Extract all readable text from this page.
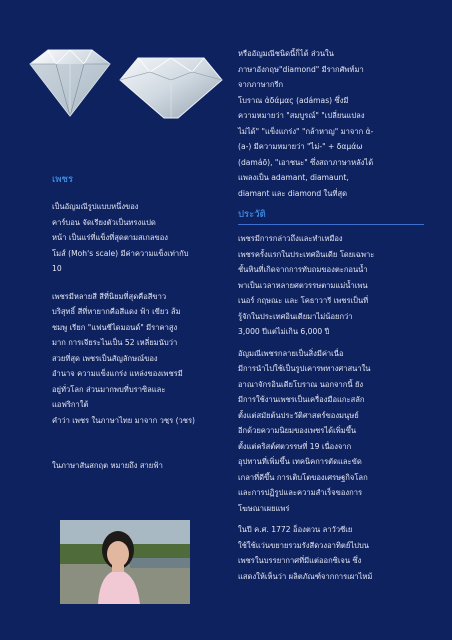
เพชร

เป็นอัญมณีรูปแบบหนึ่งของ
คาร์บอน จัดเรียงตัวเป็นทรงแปด
หน้า เป็นแร่ที่แข็งที่สุดตามสเกลของ
โมส์ (Moh's scale) มีค่าความแข็งเท่ากับ
10

เพชรมีหลายสี สีที่นิยมที่สุดคือสีขาว
บริสุทธิ์ สีที่หายากคือสีแดง ฟ้า เขียว ส้ม
ชมพู เรียก "แฟนซีไดมอนด์" มีราคาสูง
มาก การเจียระไนเป็น 52 เหลี่ยมนับว่า
สวยที่สุด เพชรเป็นสัญลักษณ์ของ
อำนาจ ความแข็งแกร่ง แหล่งของเพชรมี
อยู่ทั่วโลก ส่วนมากพบที่บราซิลและ
แอฟริกาใต้
คำว่า เพชร ในภาษาไทย มาจาก วชฺร (วชร)

ในภาษาสันสกฤต หมายถึง สายฟ้า

หรืออัญมณีชนิดนี้ก็ได้ ส่วนใน
ภาษาอังกฤษ"diamond" มีรากศัพท์มา
จากภาษากรีก
โบราณ ἀδάμας (adámas) ซึ่งมี
ความหมายว่า "สมบูรณ์" "เปลี่ยนแปลง
ไม่ได้" "แข็งแกร่ง" "กล้าหาญ" มาจาก ἀ-
(a-) มีความหมายว่า "ไม่-" + δαμάω
(damáō), "เอาชนะ" ซึ่งสถาภาษาหลังได้
แพลงเป็น adamant, diamaunt,
diamant และ diamond ในที่สุด

ประวัติ

เพชรมีการกล่าวถึงและทำเหมือง
เพชรครั้งแรกในประเทศอินเดีย โดยเฉพาะ
ชั้นหินที่เกิดจากการทับถมของตะกอนน้ำ
พาเป็นเวลาหลายศตวรรษตามแม่น้ำเพน
เนอร์ กฤษณะ และ โคธาวารี เพชรเป็นที่
รู้จักในประเทศอินเดียมาไม่น้อยกว่า
3,000 ปีแต่ไม่เกิน 6,000 ปี

อัญมณีเพชรกลายเป็นสิ่งมีค่าเนื่อ
มีการนำไปใช้เป็นรูปเคารพทางศาสนาใน
อาณาจักรอินเดียโบราณ นอกจากนี้ ยัง
มีการใช้งานเพชรเป็นเครื่องมือแกะสลัก
ตั้งแต่สมัยต้นประวัติศาสตร์ของมนุษย์
อีกด้วยความนิยมของเพชรได้เพิ่มขึ้น
ตั้งแต่คริสต์ศตวรรษที่ 19 เนื่องจาก
อุปทานที่เพิ่มขึ้น เทคนิคการตัดและขัด
เกลาที่ดีขึ้น การเติบโตของเศรษฐกิจโลก
และการปฏิรูปและความสำเร็จของการ
โฆษณาเผยแพร่

ในปี ค.ศ. 1772 อ็องตวน ลาวัวซีเย
ใช้ใช้แว่นขยายรวมรังสีดวงอาทิตย์ไปบน
เพชรในบรรยากาศที่มีแต่ออกซิเจน ซึ่ง
แสดงให้เห็นว่า ผลิตภัณฑ์จากการเผาไหม้
